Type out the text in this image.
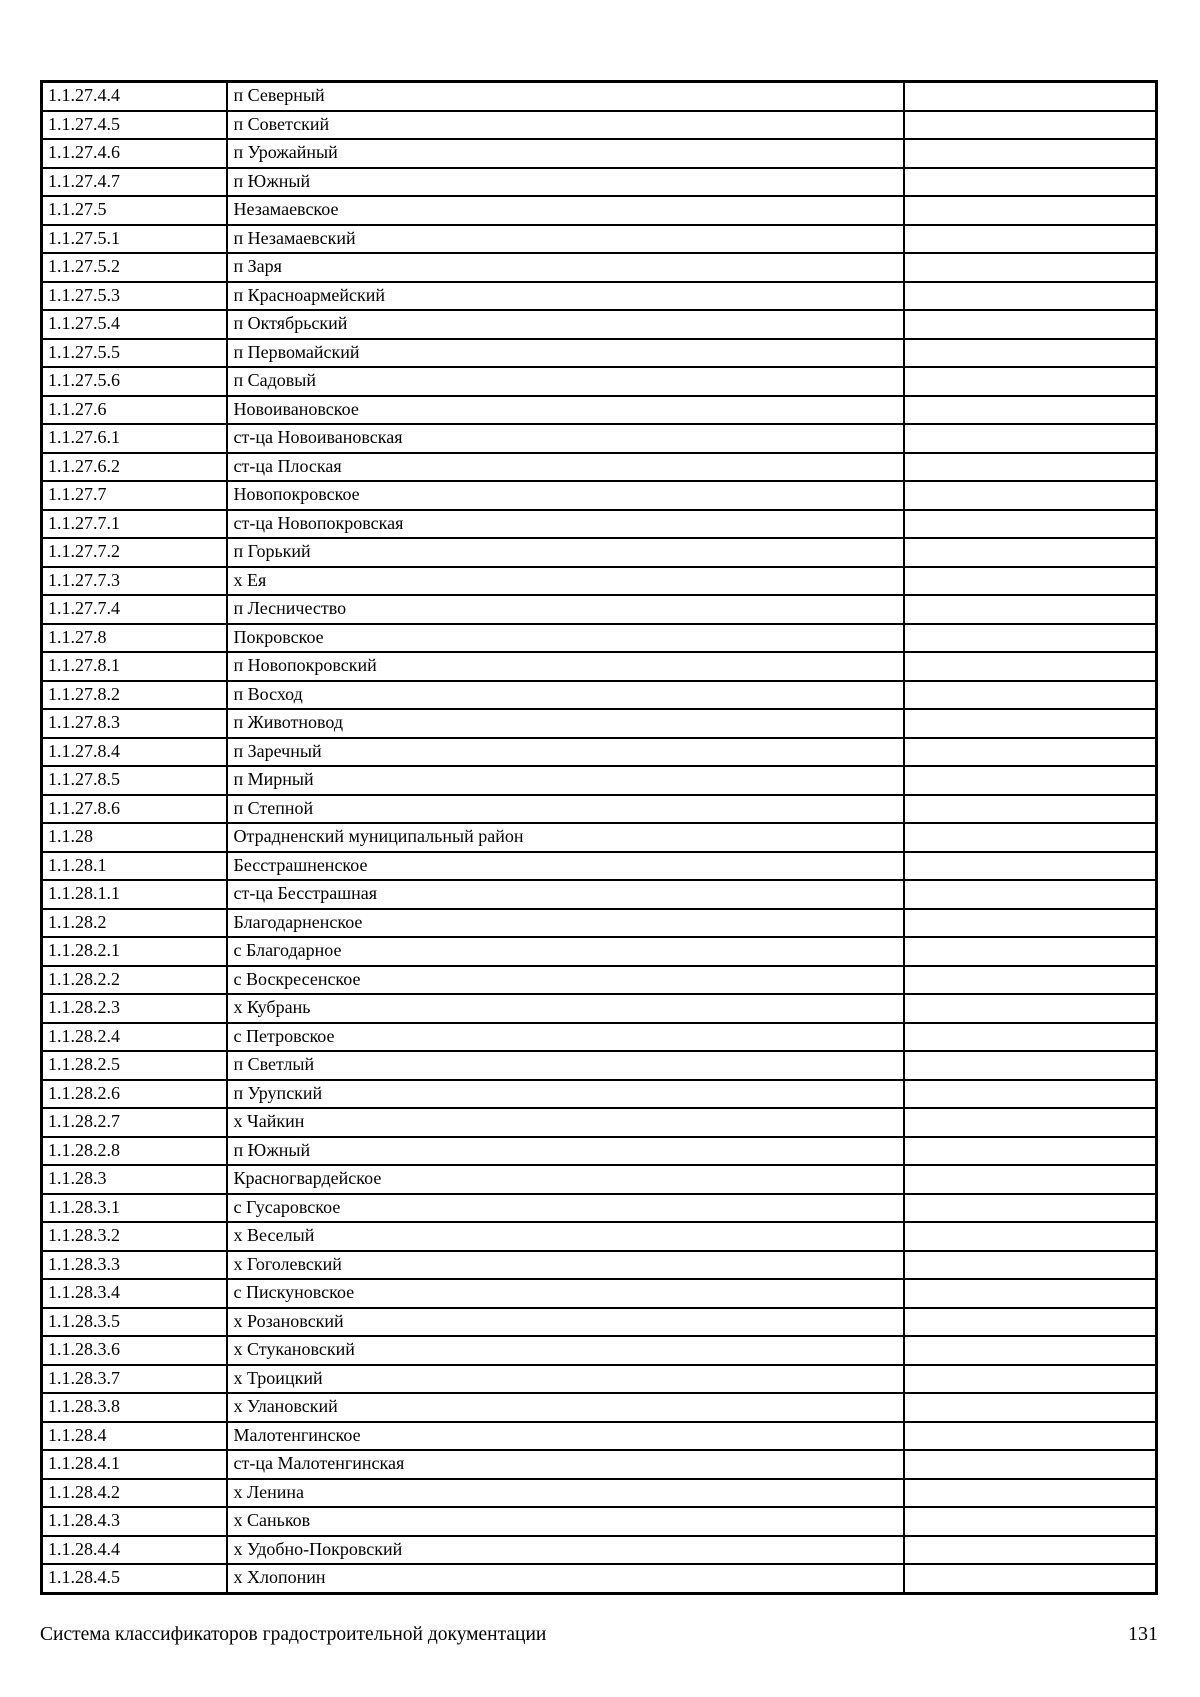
1.1.27.4.4	п Северный	
1.1.27.4.5	п Советский	
1.1.27.4.6	п Урожайный	
1.1.27.4.7	п Южный	
1.1.27.5	Незамаевское	
1.1.27.5.1	п Незамаевский	
1.1.27.5.2	п Заря	
1.1.27.5.3	п Красноармейский	
1.1.27.5.4	п Октябрьский	
1.1.27.5.5	п Первомайский	
1.1.27.5.6	п Садовый	
1.1.27.6	Новоивановское	
1.1.27.6.1	ст-ца Новоивановская	
1.1.27.6.2	ст-ца Плоская	
1.1.27.7	Новопокровское	
1.1.27.7.1	ст-ца Новопокровская	
1.1.27.7.2	п Горький	
1.1.27.7.3	х Ея	
1.1.27.7.4	п Лесничество	
1.1.27.8	Покровское	
1.1.27.8.1	п Новопокровский	
1.1.27.8.2	п Восход	
1.1.27.8.3	п Животновод	
1.1.27.8.4	п Заречный	
1.1.27.8.5	п Мирный	
1.1.27.8.6	п Степной	
1.1.28	Отрадненский муниципальный район	
1.1.28.1	Бесстрашненское	
1.1.28.1.1	ст-ца Бесстрашная	
1.1.28.2	Благодарненское	
1.1.28.2.1	с Благодарное	
1.1.28.2.2	с Воскресенское	
1.1.28.2.3	х Кубрань	
1.1.28.2.4	с Петровское	
1.1.28.2.5	п Светлый	
1.1.28.2.6	п Урупский	
1.1.28.2.7	х Чайкин	
1.1.28.2.8	п Южный	
1.1.28.3	Красногвардейское	
1.1.28.3.1	с Гусаровское	
1.1.28.3.2	х Веселый	
1.1.28.3.3	х Гоголевский	
1.1.28.3.4	с Пискуновское	
1.1.28.3.5	х Розановский	
1.1.28.3.6	х Стукановский	
1.1.28.3.7	х Троицкий	
1.1.28.3.8	х Улановский	
1.1.28.4	Малотенгинское	
1.1.28.4.1	ст-ца Малотенгинская	
1.1.28.4.2	х Ленина	
1.1.28.4.3	х Саньков	
1.1.28.4.4	х Удобно-Покровский	
1.1.28.4.5	х Хлопонин	
Система классификаторов градостроительной документации	131
